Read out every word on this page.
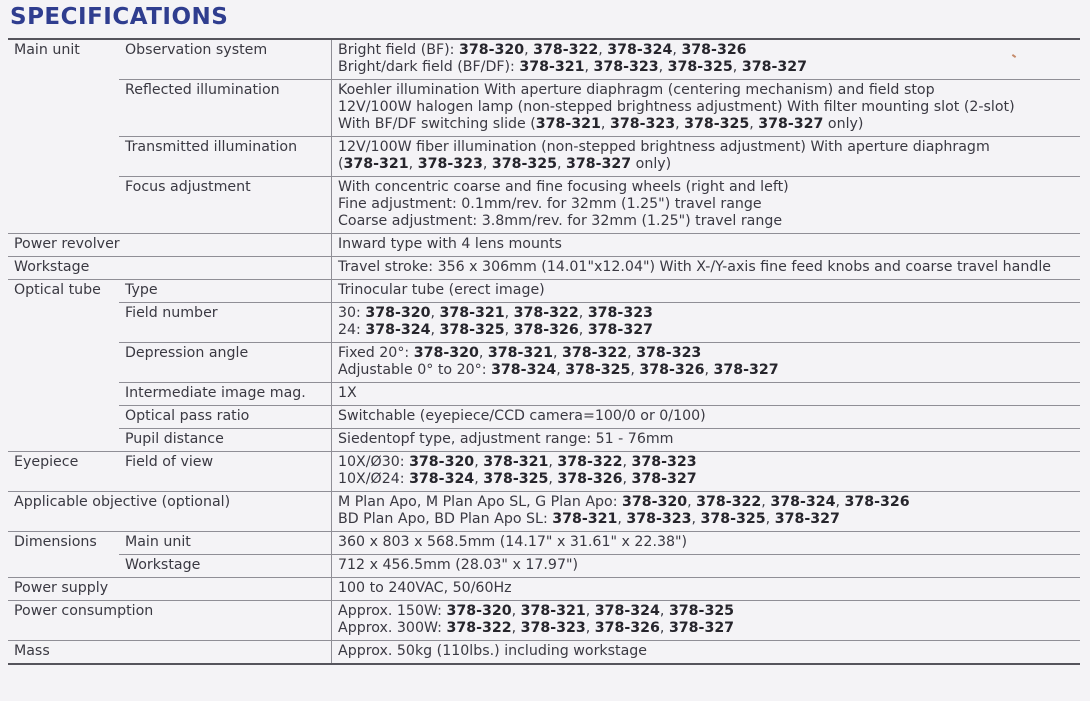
SPECIFICATIONS
Main unit	Observation system	Bright field (BF): 378-320, 378-322, 378-324, 378-326
Bright/dark field (BF/DF): 378-321, 378-323, 378-325, 378-327

	Reflected illumination	Koehler illumination With aperture diaphragm (centering mechanism) and field stop
12V/100W halogen lamp (non-stepped brightness adjustment) With filter mounting slot (2-slot)
With BF/DF switching slide (378-321, 378-323, 378-325, 378-327 only)

	Transmitted illumination	12V/100W fiber illumination (non-stepped brightness adjustment) With aperture diaphragm
(378-321, 378-323, 378-325, 378-327 only)

	Focus adjustment	With concentric coarse and fine focusing wheels (right and left)
Fine adjustment: 0.1mm/rev. for 32mm (1.25") travel range
Coarse adjustment: 3.8mm/rev. for 32mm (1.25") travel range

Power revolver		Inward type with 4 lens mounts

Workstage		Travel stroke: 356 x 306mm (14.01"x12.04") With X-/Y-axis fine feed knobs and coarse travel handle

Optical tube	Type	Trinocular tube (erect image)

	Field number	30: 378-320, 378-321, 378-322, 378-323
24: 378-324, 378-325, 378-326, 378-327

	Depression angle	Fixed 20°: 378-320, 378-321, 378-322, 378-323
Adjustable 0° to 20°: 378-324, 378-325, 378-326, 378-327

	Intermediate image mag.	1X

	Optical pass ratio	Switchable (eyepiece/CCD camera=100/0 or 0/100)

	Pupil distance	Siedentopf type, adjustment range: 51 - 76mm

Eyepiece	Field of view	10X/Ø30: 378-320, 378-321, 378-322, 378-323
10X/Ø24: 378-324, 378-325, 378-326, 378-327

Applicable objective (optional)		M Plan Apo, M Plan Apo SL, G Plan Apo: 378-320, 378-322, 378-324, 378-326
BD Plan Apo, BD Plan Apo SL: 378-321, 378-323, 378-325, 378-327

Dimensions	Main unit	360 x 803 x 568.5mm (14.17" x 31.61" x 22.38")

	Workstage	712 x 456.5mm (28.03" x 17.97")

Power supply		100 to 240VAC, 50/60Hz

Power consumption		Approx. 150W: 378-320, 378-321, 378-324, 378-325
Approx. 300W: 378-322, 378-323, 378-326, 378-327

Mass		Approx. 50kg (110lbs.) including workstage
